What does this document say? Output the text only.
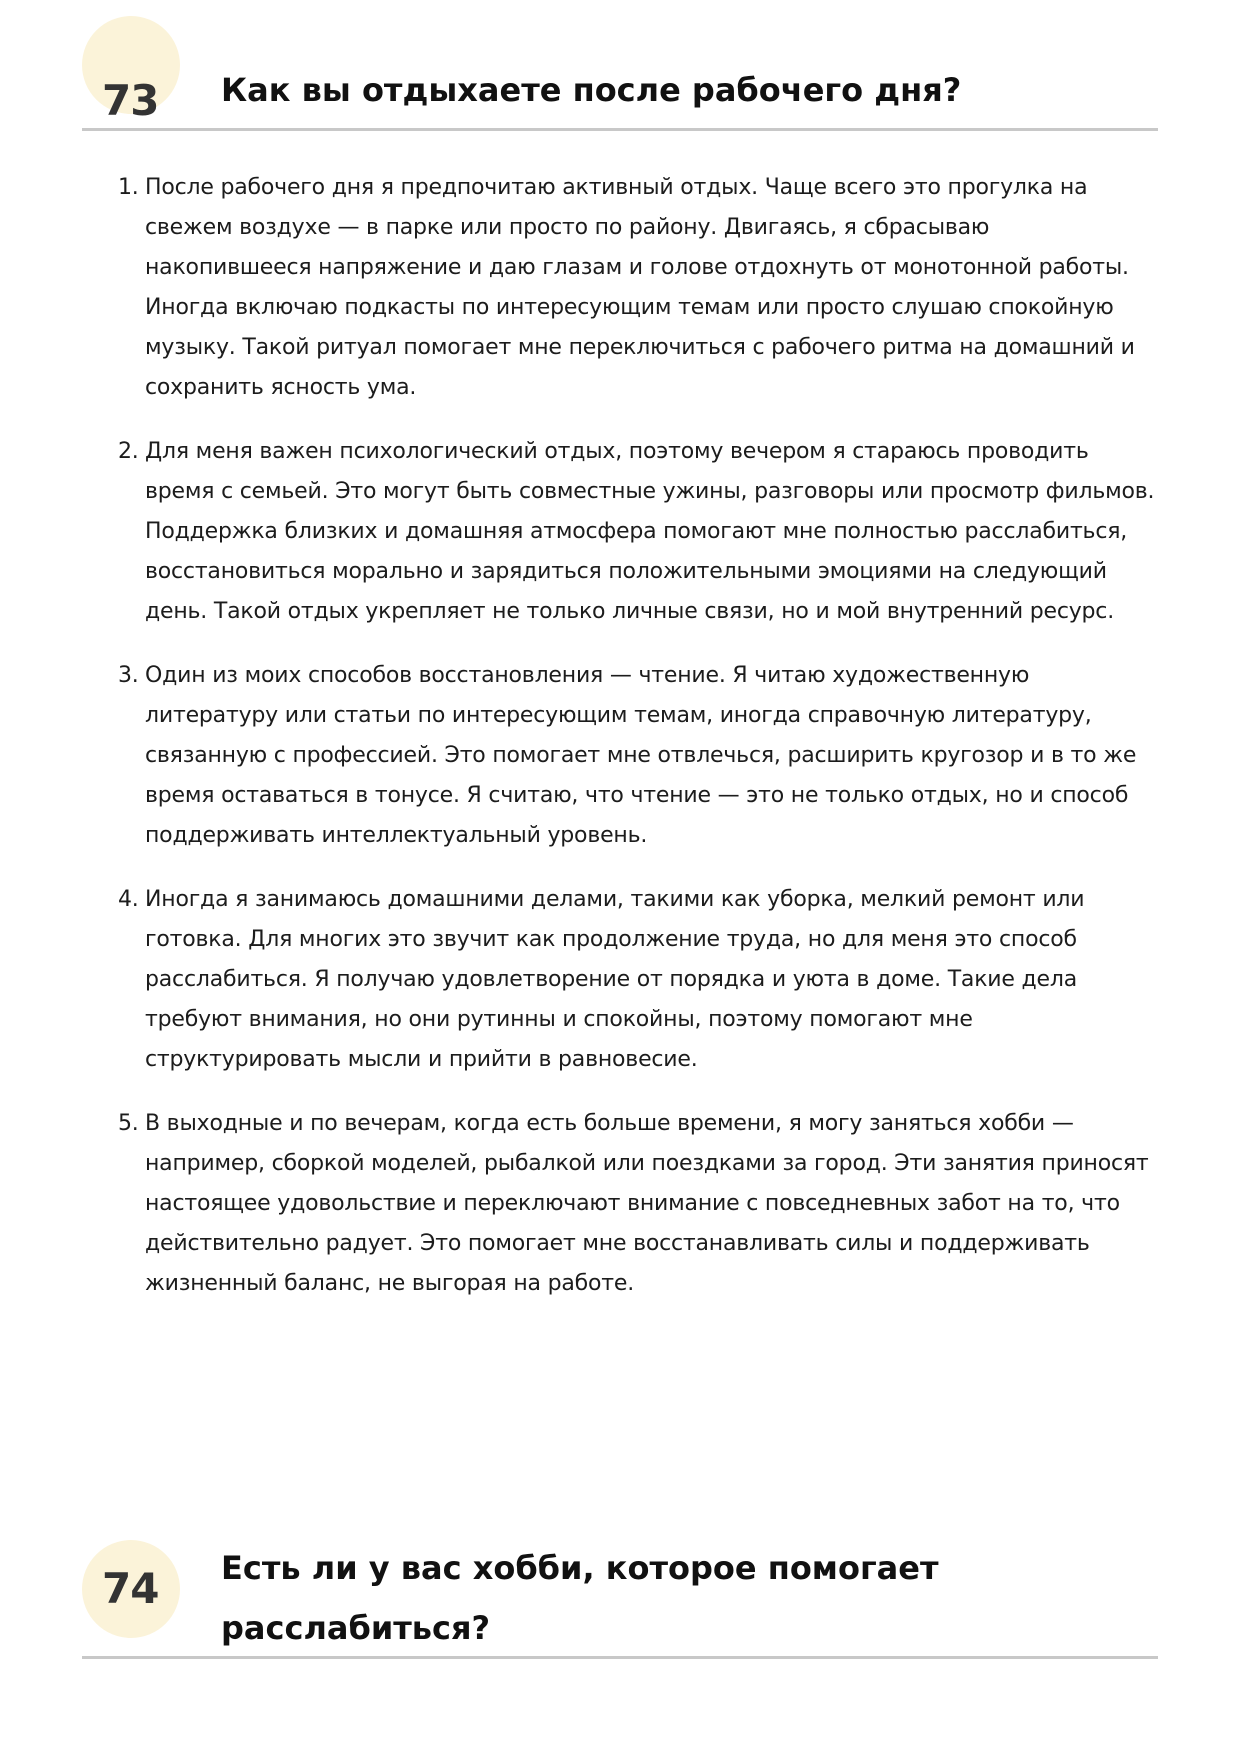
73 Как вы отдыхаете после рабочего дня?
1. После рабочего дня я предпочитаю активный отдых. Чаще всего это прогулка на свежем воздухе — в парке или просто по району. Двигаясь, я сбрасываю накопившееся напряжение и даю глазам и голове отдохнуть от монотонной работы. Иногда включаю подкасты по интересующим темам или просто слушаю спокойную музыку. Такой ритуал помогает мне переключиться с рабочего ритма на домашний и сохранить ясность ума.
2. Для меня важен психологический отдых, поэтому вечером я стараюсь проводить время с семьей. Это могут быть совместные ужины, разговоры или просмотр фильмов. Поддержка близких и домашняя атмосфера помогают мне полностью расслабиться, восстановиться морально и зарядиться положительными эмоциями на следующий день. Такой отдых укрепляет не только личные связи, но и мой внутренний ресурс.
3. Один из моих способов восстановления — чтение. Я читаю художественную литературу или статьи по интересующим темам, иногда справочную литературу, связанную с профессией. Это помогает мне отвлечься, расширить кругозор и в то же время оставаться в тонусе. Я считаю, что чтение — это не только отдых, но и способ поддерживать интеллектуальный уровень.
4. Иногда я занимаюсь домашними делами, такими как уборка, мелкий ремонт или готовка. Для многих это звучит как продолжение труда, но для меня это способ расслабиться. Я получаю удовлетворение от порядка и уюта в доме. Такие дела требуют внимания, но они рутинны и спокойны, поэтому помогают мне структурировать мысли и прийти в равновесие.
5. В выходные и по вечерам, когда есть больше времени, я могу заняться хобби — например, сборкой моделей, рыбалкой или поездками за город. Эти занятия приносят настоящее удовольствие и переключают внимание с повседневных забот на то, что действительно радует. Это помогает мне восстанавливать силы и поддерживать жизненный баланс, не выгорая на работе.
74 Есть ли у вас хобби, которое помогает расслабиться?
